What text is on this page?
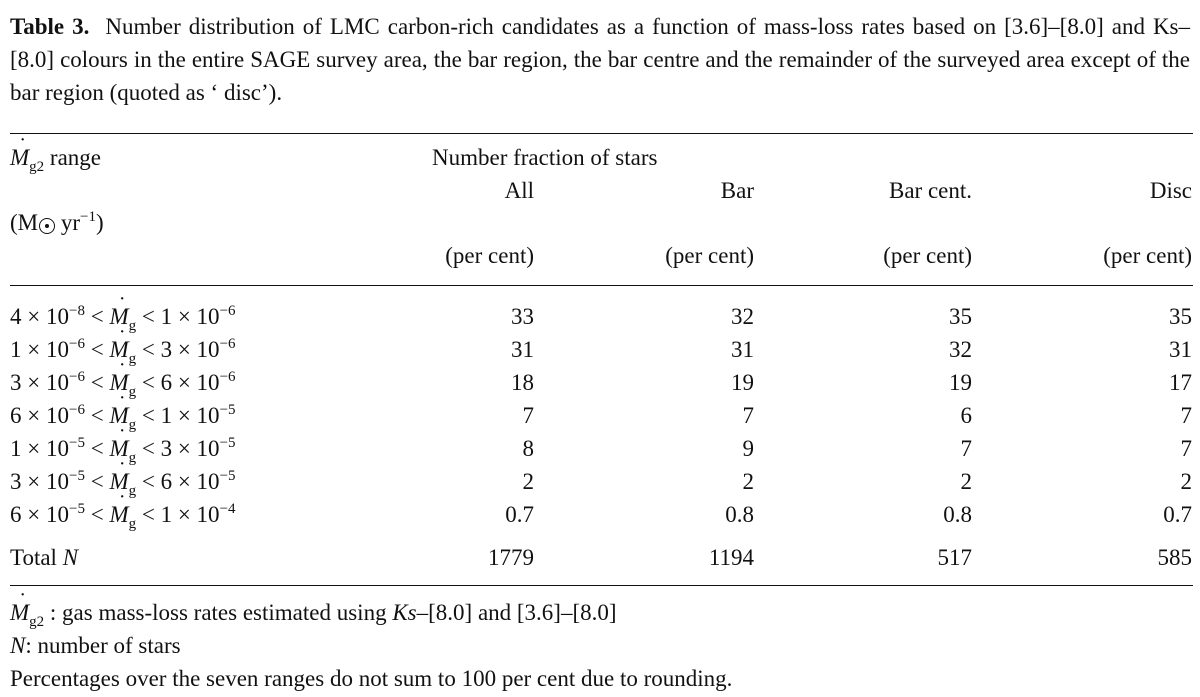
Table 3. Number distribution of LMC carbon-rich candidates as a function of mass-loss rates based on [3.6]–[8.0] and Ks–[8.0] colours in the entire SAGE survey area, the bar region, the bar centre and the remainder of the surveyed area except of the bar region (quoted as ‘ disc’).
˙ $M_{g2}$ range
(M $yr^{-1}$)
Number fraction of stars
All	Bar	Bar cent.	Disc
(per cent)	(per cent)	(per cent)	(per cent)
$4 \times 10^{-8}$ < ˙ $M_g < 1 \times 10^{-6}$	33	32	35	35
$1 \times 10^{-6}$ < ˙ $M_g < 3 \times 10^{-6}$	31	31	32	31
$3 \times 10^{-6}$ < ˙ $M_g < 6 \times 10^{-6}$	18	19	19	17
$6 \times 10^{-6}$ < ˙ $M_g < 1 \times 10^{-5}$	7	7	6	7
$1 \times 10^{-5}$ < ˙ $M_g < 3 \times 10^{-5}$	8	9	7	7
$3 \times 10^{-5}$ < ˙ $M_g < 6 \times 10^{-5}$	2	2	2	2
$6 \times 10^{-5}$ < ˙ $M_g < 1 \times 10^{-4}$	0.7	0.8	0.8	0.7
Total N	1779	1194	517	585
˙ $M_{g2}$ : gas mass-loss rates estimated using Ks–[8.0] and [3.6]–[8.0]
N: number of stars
Percentages over the seven ranges do not sum to 100 per cent due to rounding.
